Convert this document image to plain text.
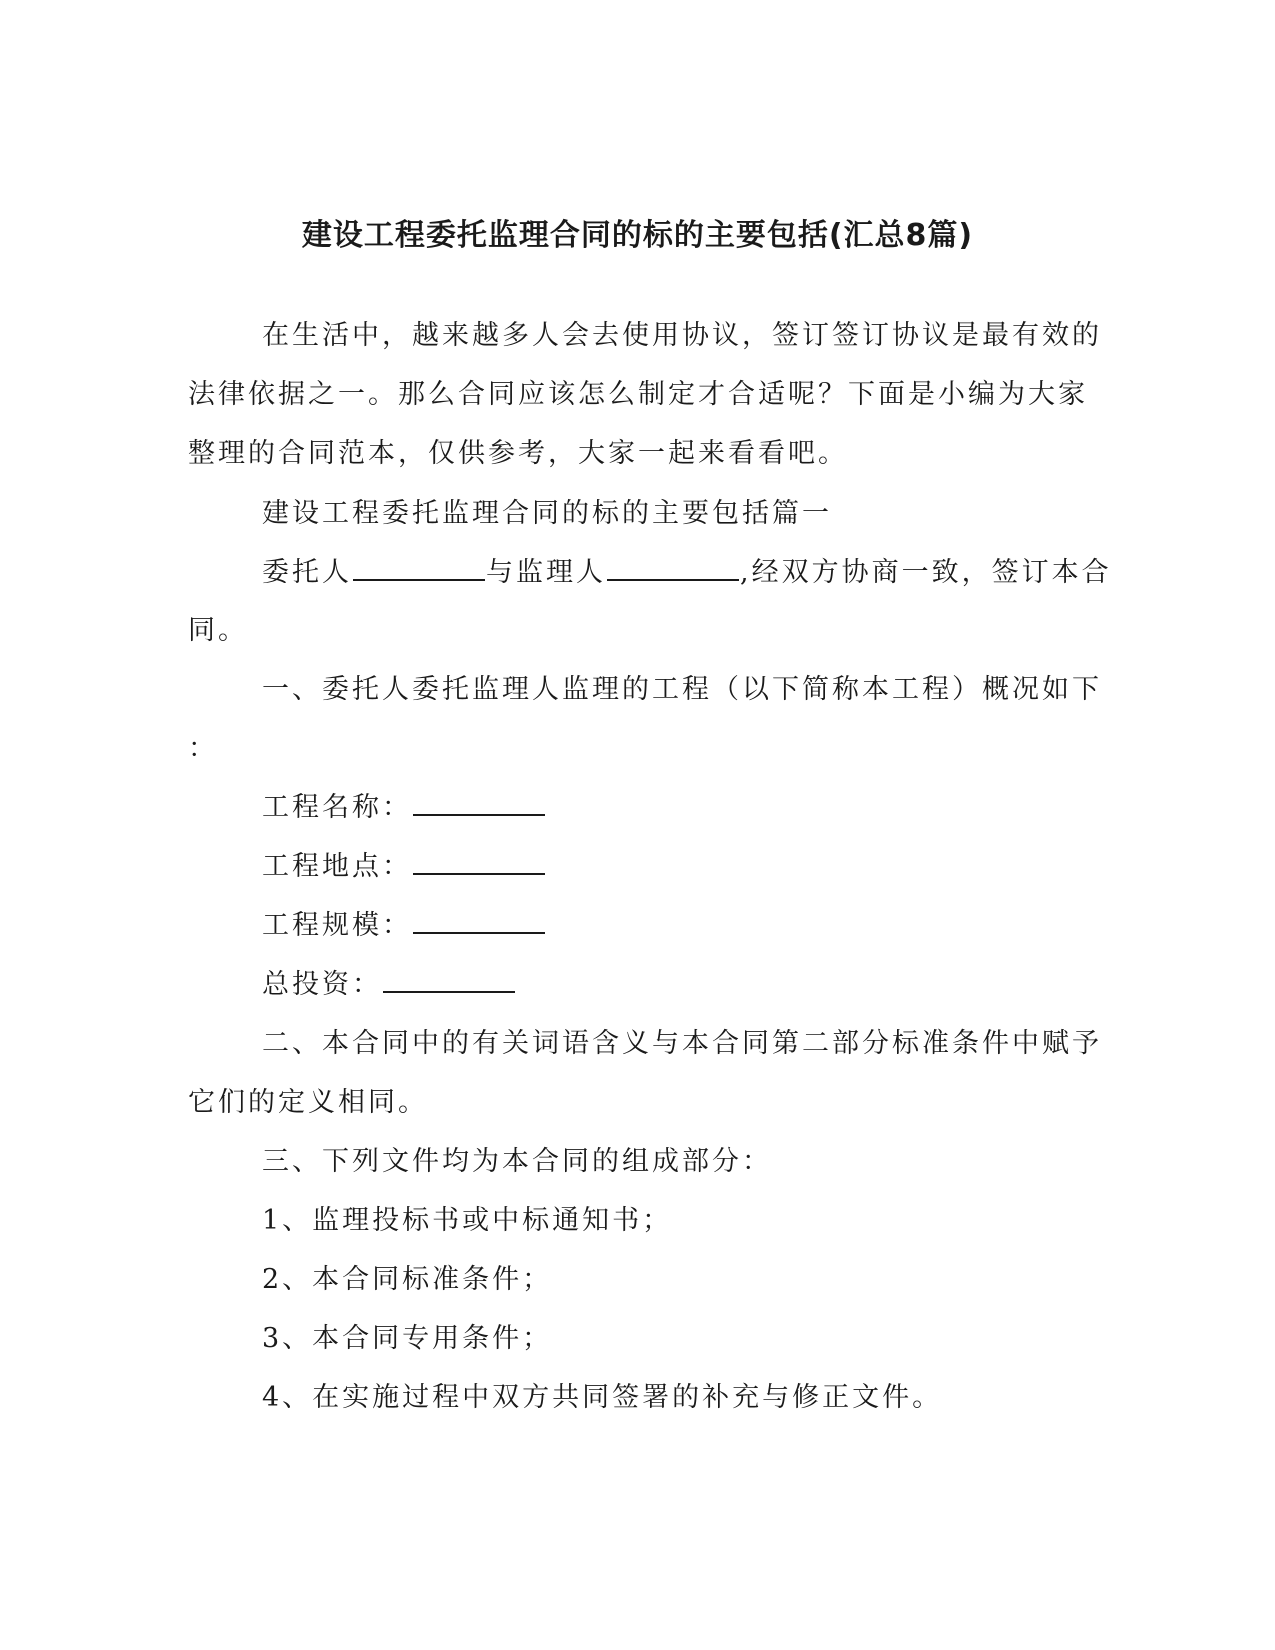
建设工程委托监理合同的标的主要包括(汇总8篇)
在生活中，越来越多人会去使用协议，签订签订协议是最有效的
法律依据之一。那么合同应该怎么制定才合适呢？下面是小编为大家
整理的合同范本，仅供参考，大家一起来看看吧。
建设工程委托监理合同的标的主要包括篇一
委托人	与监理人	,经双方协商一致，签订本合
同。
一、委托人委托监理人监理的工程（以下简称本工程）概况如下
：
工程名称：
工程地点：
工程规模：
总投资：
二、本合同中的有关词语含义与本合同第二部分标准条件中赋予
它们的定义相同。
三、下列文件均为本合同的组成部分：
1、监理投标书或中标通知书；
2、本合同标准条件；
3、本合同专用条件；
4、在实施过程中双方共同签署的补充与修正文件。
